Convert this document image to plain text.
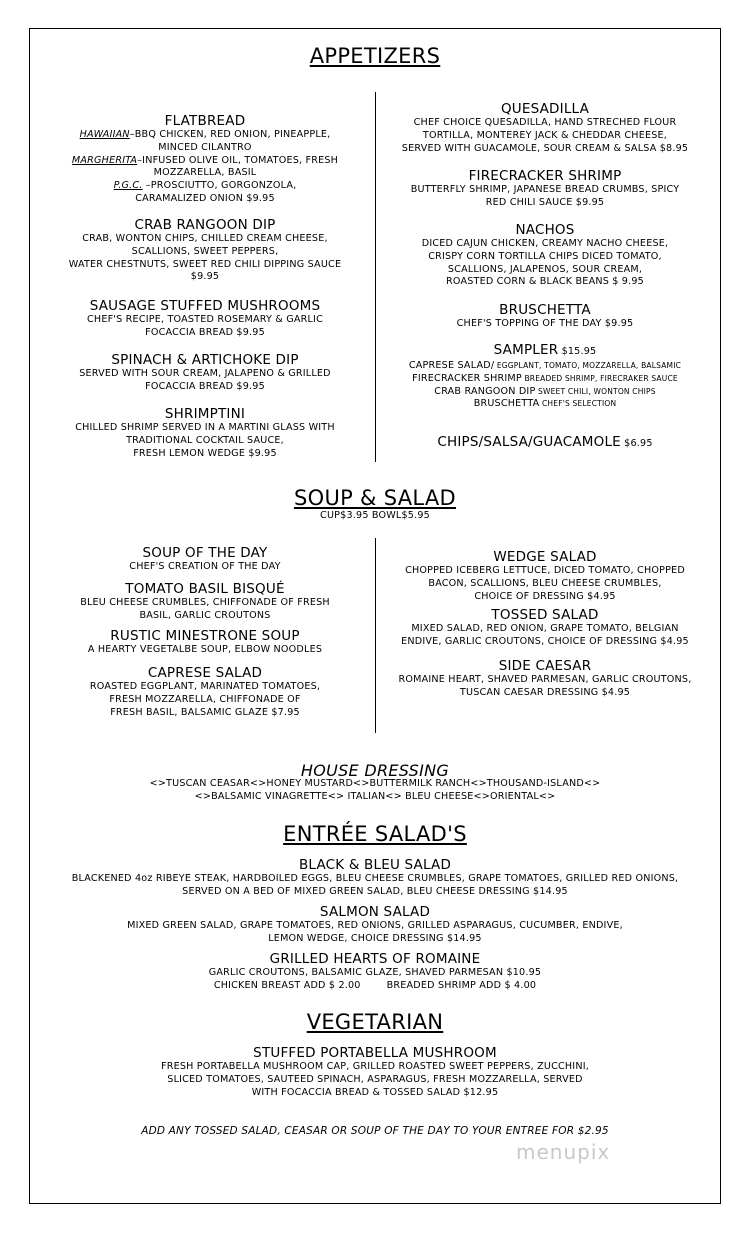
APPETIZERS
FLATBREAD
HAWAIIAN–BBQ CHICKEN, RED ONION, PINEAPPLE,
MINCED CILANTRO
MARGHERITA–INFUSED OLIVE OIL, TOMATOES, FRESH
MOZZARELLA, BASIL
P.G.C. –PROSCIUTTO, GORGONZOLA,
CARAMALIZED ONION $9.95
CRAB RANGOON DIP
CRAB, WONTON CHIPS, CHILLED CREAM CHEESE,
SCALLIONS, SWEET PEPPERS,
WATER CHESTNUTS, SWEET RED CHILI DIPPING SAUCE
$9.95
SAUSAGE STUFFED MUSHROOMS
CHEF'S RECIPE, TOASTED ROSEMARY & GARLIC
FOCACCIA BREAD $9.95
SPINACH & ARTICHOKE DIP
SERVED WITH SOUR CREAM, JALAPENO & GRILLED
FOCACCIA BREAD $9.95
SHRIMPTINI
CHILLED SHRIMP SERVED IN A MARTINI GLASS WITH
TRADITIONAL COCKTAIL SAUCE,
FRESH LEMON WEDGE $9.95
QUESADILLA
CHEF CHOICE QUESADILLA, HAND STRECHED FLOUR
TORTILLA, MONTEREY JACK & CHEDDAR CHEESE,
SERVED WITH GUACAMOLE, SOUR CREAM & SALSA $8.95
FIRECRACKER SHRIMP
BUTTERFLY SHRIMP, JAPANESE BREAD CRUMBS, SPICY
RED CHILI SAUCE $9.95
NACHOS
DICED CAJUN CHICKEN, CREAMY NACHO CHEESE,
CRISPY CORN TORTILLA CHIPS DICED TOMATO,
SCALLIONS, JALAPENOS, SOUR CREAM,
ROASTED CORN & BLACK BEANS $ 9.95
BRUSCHETTA
CHEF'S TOPPING OF THE DAY $9.95
SAMPLER $15.95
CAPRESE SALAD/ EGGPLANT, TOMATO, MOZZARELLA, BALSAMIC
FIRECRACKER SHRIMP BREADED SHRIMP, FIRECRAKER SAUCE
CRAB RANGOON DIP SWEET CHILI, WONTON CHIPS
BRUSCHETTA CHEF'S SELECTION
CHIPS/SALSA/GUACAMOLE $6.95
SOUP & SALAD
CUP$3.95 BOWL$5.95
SOUP OF THE DAY
CHEF'S CREATION OF THE DAY
TOMATO BASIL BISQUÉ
BLEU CHEESE CRUMBLES, CHIFFONADE OF FRESH
BASIL, GARLIC CROUTONS
RUSTIC MINESTRONE SOUP
A HEARTY VEGETALBE SOUP, ELBOW NOODLES
CAPRESE SALAD
ROASTED EGGPLANT, MARINATED TOMATOES,
FRESH MOZZARELLA, CHIFFONADE OF
FRESH BASIL, BALSAMIC GLAZE $7.95
WEDGE SALAD
CHOPPED ICEBERG LETTUCE, DICED TOMATO, CHOPPED
BACON, SCALLIONS, BLEU CHEESE CRUMBLES,
CHOICE OF DRESSING $4.95
TOSSED SALAD
MIXED SALAD, RED ONION, GRAPE TOMATO, BELGIAN
ENDIVE, GARLIC CROUTONS, CHOICE OF DRESSING $4.95
SIDE CAESAR
ROMAINE HEART, SHAVED PARMESAN, GARLIC CROUTONS,
TUSCAN CAESAR DRESSING $4.95
HOUSE DRESSING
<>TUSCAN CEASAR<>HONEY MUSTARD<>BUTTERMILK RANCH<>THOUSAND-ISLAND<>
<>BALSAMIC VINAGRETTE<> ITALIAN<> BLEU CHEESE<>ORIENTAL<>
ENTRÉE SALAD'S
BLACK & BLEU SALAD
BLACKENED 4oz RIBEYE STEAK, HARDBOILED EGGS, BLEU CHEESE CRUMBLES, GRAPE TOMATOES, GRILLED RED ONIONS,
SERVED ON A BED OF MIXED GREEN SALAD, BLEU CHEESE DRESSING $14.95
SALMON SALAD
MIXED GREEN SALAD, GRAPE TOMATOES, RED ONIONS, GRILLED ASPARAGUS, CUCUMBER, ENDIVE,
LEMON WEDGE, CHOICE DRESSING $14.95
GRILLED HEARTS OF ROMAINE
GARLIC CROUTONS, BALSAMIC GLAZE, SHAVED PARMESAN $10.95
CHICKEN BREAST ADD $ 2.00	BREADED SHRIMP ADD $ 4.00
VEGETARIAN
STUFFED PORTABELLA MUSHROOM
FRESH PORTABELLA MUSHROOM CAP, GRILLED ROASTED SWEET PEPPERS, ZUCCHINI,
SLICED TOMATOES, SAUTEED SPINACH, ASPARAGUS, FRESH MOZZARELLA, SERVED
WITH FOCACCIA BREAD & TOSSED SALAD $12.95
ADD ANY TOSSED SALAD, CEASAR OR SOUP OF THE DAY TO YOUR ENTREE FOR $2.95
menupix
